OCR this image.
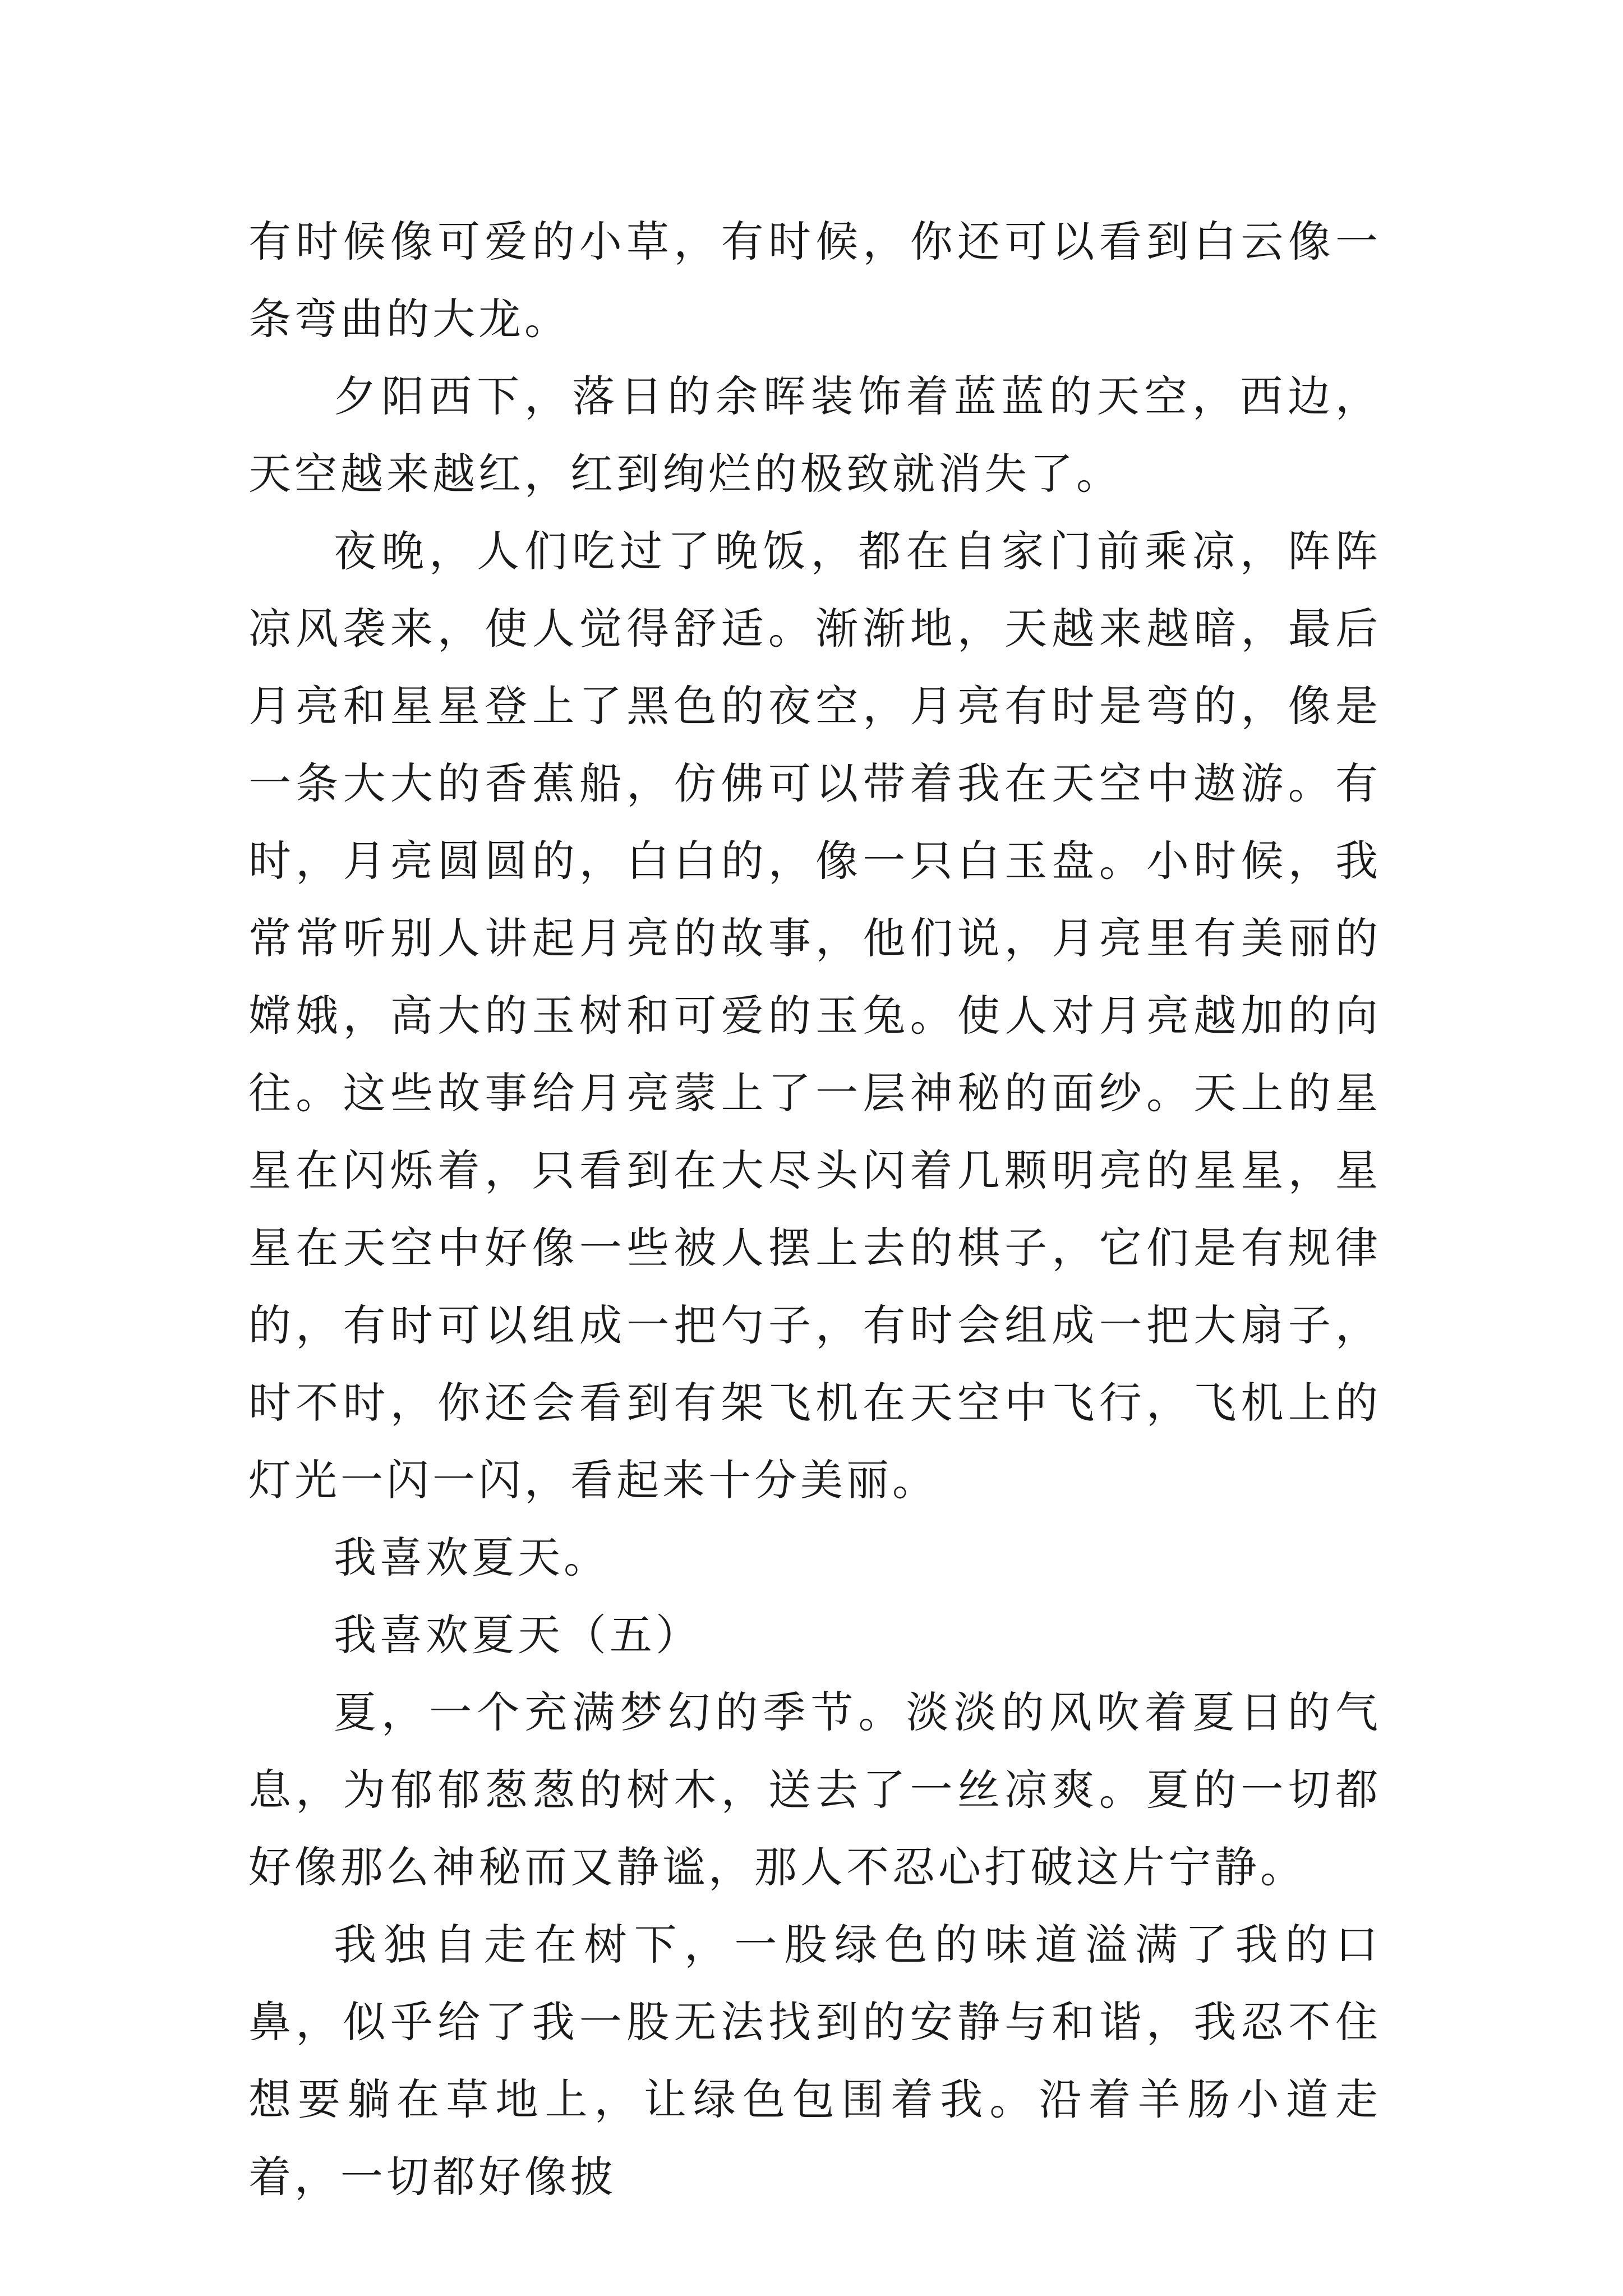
有时候像可爱的小草，有时候，你还可以看到白云像一条弯曲的大龙。

夕阳西下，落日的余晖装饰着蓝蓝的天空，西边，天空越来越红，红到绚烂的极致就消失了。

夜晚，人们吃过了晚饭，都在自家门前乘凉，阵阵凉风袭来，使人觉得舒适。渐渐地，天越来越暗，最后月亮和星星登上了黑色的夜空，月亮有时是弯的，像是一条大大的香蕉船，仿佛可以带着我在天空中遨游。有时，月亮圆圆的，白白的，像一只白玉盘。小时候，我常常听别人讲起月亮的故事，他们说，月亮里有美丽的嫦娥，高大的玉树和可爱的玉兔。使人对月亮越加的向往。这些故事给月亮蒙上了一层神秘的面纱。天上的星星在闪烁着，只看到在大尽头闪着几颗明亮的星星，星星在天空中好像一些被人摆上去的棋子，它们是有规律的，有时可以组成一把勺子，有时会组成一把大扇子，时不时，你还会看到有架飞机在天空中飞行，飞机上的灯光一闪一闪，看起来十分美丽。

我喜欢夏天。

我喜欢夏天（五）

夏，一个充满梦幻的季节。淡淡的风吹着夏日的气息，为郁郁葱葱的树木，送去了一丝凉爽。夏的一切都好像那么神秘而又静谧，那人不忍心打破这片宁静。

我独自走在树下，一股绿色的味道溢满了我的口鼻，似乎给了我一股无法找到的安静与和谐，我忍不住想要躺在草地上，让绿色包围着我。沿着羊肠小道走着，一切都好像披
